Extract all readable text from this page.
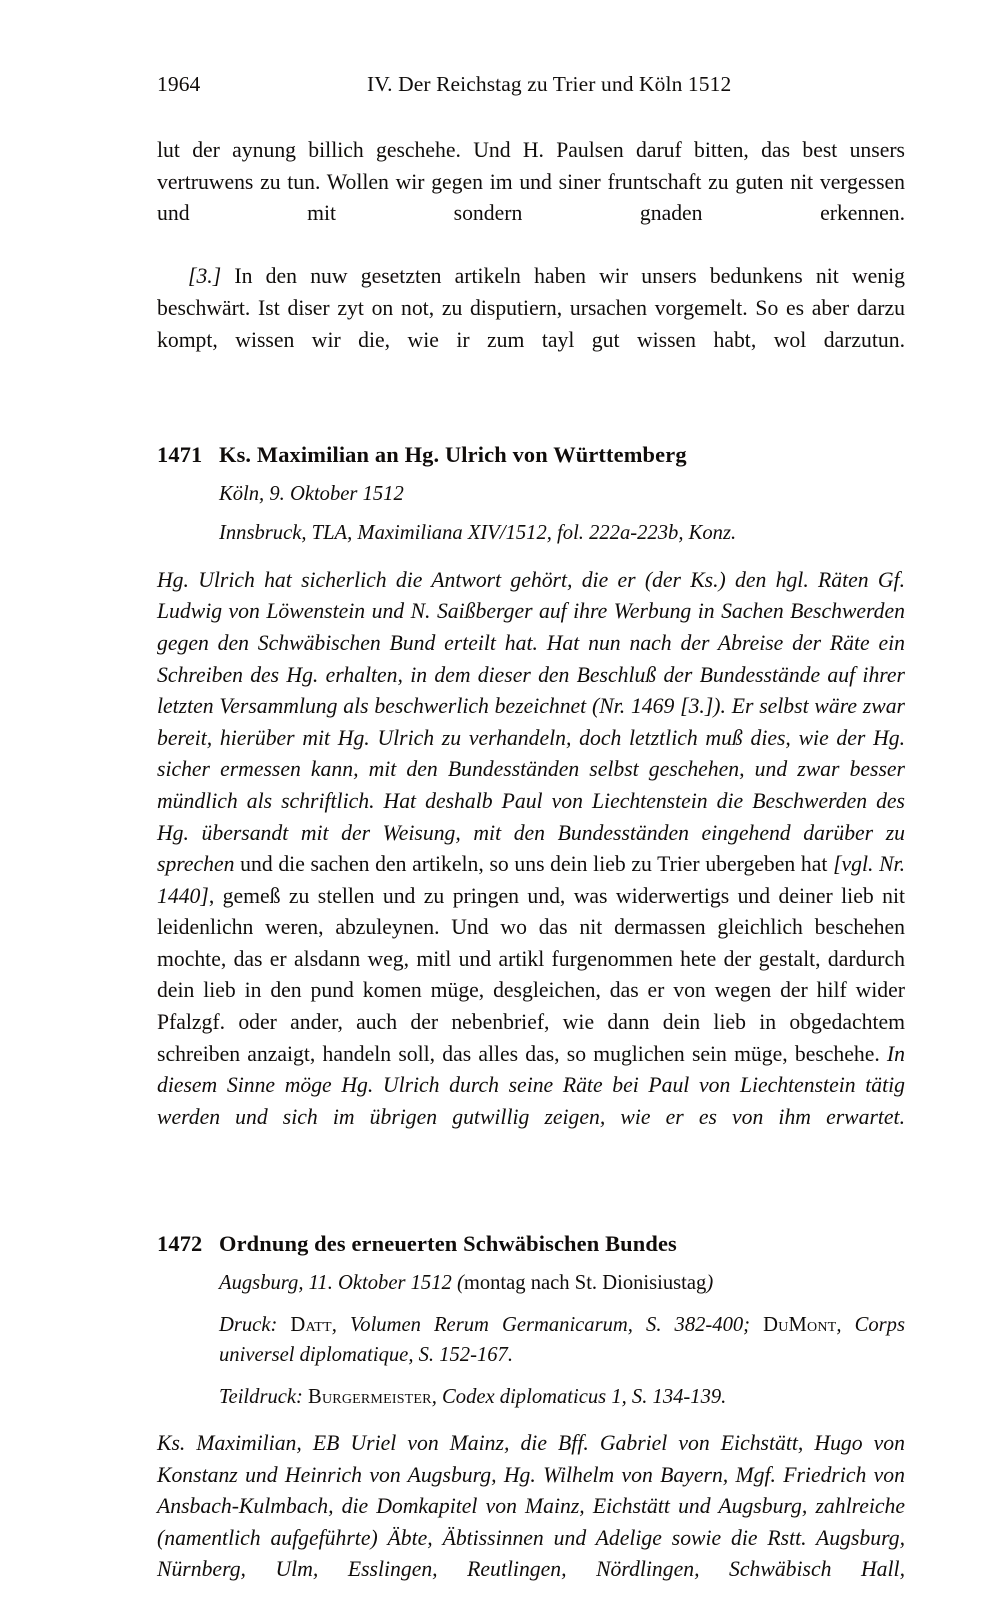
1964	IV. Der Reichstag zu Trier und Köln 1512

lut der aynung billich geschehe. Und H. Paulsen daruf bitten, das best unsers vertruwens zu tun. Wollen wir gegen im und siner fruntschaft zu guten nit vergessen und mit sondern gnaden erkennen.

[3.] In den nuw gesetzten artikeln haben wir unsers bedunkens nit wenig beschwärt. Ist diser zyt on not, zu disputiern, ursachen vorgemelt. So es aber darzu kompt, wissen wir die, wie ir zum tayl gut wissen habt, wol darzutun.

1471 Ks. Maximilian an Hg. Ulrich von Württemberg
Köln, 9. Oktober 1512
Innsbruck, TLA, Maximiliana XIV/1512, fol. 222a-223b, Konz.

Hg. Ulrich hat sicherlich die Antwort gehört, die er (der Ks.) den hgl. Räten Gf. Ludwig von Löwenstein und N. Saißberger auf ihre Werbung in Sachen Beschwerden gegen den Schwäbischen Bund erteilt hat. Hat nun nach der Abreise der Räte ein Schreiben des Hg. erhalten, in dem dieser den Beschluß der Bundesstände auf ihrer letzten Versammlung als beschwerlich bezeichnet (Nr. 1469 [3.]). Er selbst wäre zwar bereit, hierüber mit Hg. Ulrich zu verhandeln, doch letztlich muß dies, wie der Hg. sicher ermessen kann, mit den Bundesständen selbst geschehen, und zwar besser mündlich als schriftlich. Hat deshalb Paul von Liechtenstein die Beschwerden des Hg. übersandt mit der Weisung, mit den Bundesständen eingehend darüber zu sprechen und die sachen den artikeln, so uns dein lieb zu Trier ubergeben hat [vgl. Nr. 1440], gemeß zu stellen und zu pringen und, was widerwertigs und deiner lieb nit leidenlichn weren, abzuleynen. Und wo das nit dermassen gleichlich beschehen mochte, das er alsdann weg, mitl und artikl furgenommen hete der gestalt, dardurch dein lieb in den pund komen müge, desgleichen, das er von wegen der hilf wider Pfalzgf. oder ander, auch der nebenbrief, wie dann dein lieb in obgedachtem schreiben anzaigt, handeln soll, das alles das, so muglichen sein müge, beschehe. In diesem Sinne möge Hg. Ulrich durch seine Räte bei Paul von Liechtenstein tätig werden und sich im übrigen gutwillig zeigen, wie er es von ihm erwartet.

1472 Ordnung des erneuerten Schwäbischen Bundes
Augsburg, 11. Oktober 1512 (montag nach St. Dionisiustag)
Druck: Datt, Volumen Rerum Germanicarum, S. 382-400; DuMont, Corps universel diplomatique, S. 152-167.
Teildruck: Burgermeister, Codex diplomaticus 1, S. 134-139.

Ks. Maximilian, EB Uriel von Mainz, die Bff. Gabriel von Eichstätt, Hugo von Konstanz und Heinrich von Augsburg, Hg. Wilhelm von Bayern, Mgf. Friedrich von Ansbach-Kulmbach, die Domkapitel von Mainz, Eichstätt und Augsburg, zahlreiche (namentlich aufgeführte) Äbte, Äbtissinnen und Adelige sowie die Rstt. Augsburg, Nürnberg, Ulm, Esslingen, Reutlingen, Nördlingen, Schwäbisch Hall,
